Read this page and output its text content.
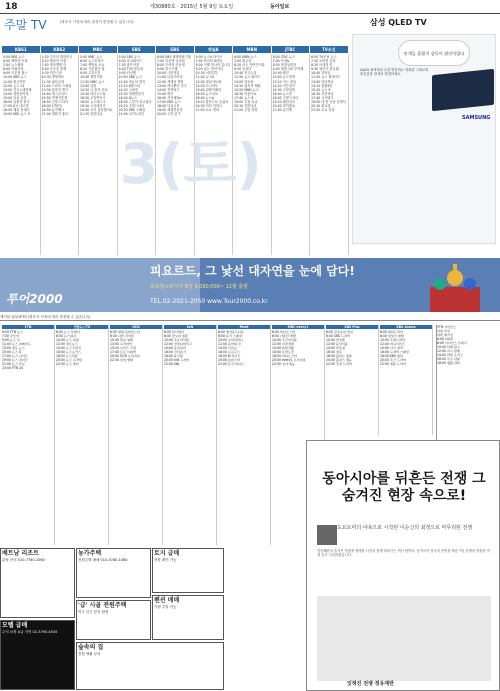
18	제30880호 · 2015년 5월 9일 토요일	동아일보
주말 TV	(방송사 사정에 따라 편성이 변경될 수 있습니다)	삼성 QLED TV
KBS1
5:00 KBS 뉴스
6:00 생방송 아침
7:00 뉴스광장
8:00 아침마당
9:00 이웃집 찰스
10:00 KBS 뉴스
11:00 황금연못
12:00 뉴스 12
13:00 전국노래자랑
14:00 열린음악회
15:00 다큐 공감
16:00 동물의 왕국
17:00 6시 내고향
18:00 해피 선데이
19:00 KBS 뉴스 9
KBS2
5:30 굿모닝 대한민국
6:10 세상의 아침
7:50 영상앨범 산
8:40 굿모닝 경제
9:30 인간극장
10:30 생생정보
11:30 VJ특공대
12:40 드라마 스페셜
13:30 불후의 명곡
14:40 개그콘서트
15:50 연예가중계
16:50 주말 드라마
18:00 1박2일
19:50 뮤직뱅크
21:00 영화가 좋다
MBC
5:00 MBC 뉴스
6:00 뉴스투데이
7:00 생방송 오늘
8:20 기분좋은 날
9:50 무한도전
10:40 복면가왕
11:50 MBC 뉴스
13:00 일밤
14:20 나 혼자 산다
15:40 라디오스타
16:50 주말연속극
18:00 뉴스데스크
19:10 시사매거진
20:00 우리 결혼했어요
21:30 휴먼다큐
SBS
5:00 SBS 뉴스
6:00 모닝와이드
7:30 좋은아침
8:40 TV동물농장
9:50 런닝맨
10:50 SBS 뉴스
12:00 정글의 법칙
13:10 K팝스타
14:20 스타킹
15:30 영재발굴단
16:40 8뉴스
18:00 그것이 알고싶다
19:10 주말드라마
20:30 SBS 스페셜
21:40 나이트라인
EBS
6:00 EBS 세계테마기행
7:00 딩동댕 유치원
8:00 모여라 딩동댕
9:00 한국기행
10:00 극한직업
11:00 다큐프라임
12:00 세계의 명화
13:00 하나뿐인 지구
14:00 건축탐구
15:00 명의
16:00 지식채널e
17:00 EBS 뉴스
18:00 다큐시선
19:00 세계견문록
20:00 고전 읽기
채널A
6:00 뉴스A 라이브
7:00 먹거리 X파일
8:00 이제 만나러 갑니다
9:20 나는 몸신이다
10:30 서민갑부
11:40 뉴스A
13:00 잘살아보세
14:20 도시어부
15:40 관찰카메라
16:50 뉴스특보
18:00 뉴스A
19:10 풍문으로 들었쇼
20:30 닥터 지바고
21:40 토요 영화
MBN
6:00 MBN 뉴스
7:00 황금알
8:20 나는 자연인이다
9:30 동치미
10:40 천기누설
11:50 뉴스 와이드
13:00 알토란
14:10 엄지의 제왕
15:20 MBN 뉴스
16:30 속풀이쇼
17:40 뉴스 8
19:00 특집 다큐
20:10 휴먼다큐
21:20 주말 영화
JTBC
6:00 JTBC 뉴스
7:00 아침&
8:30 비정상회담
9:40 냉장고를 부탁해
10:50 썰전
12:00 뉴스현장
13:10 아는 형님
14:20 히든싱어
15:30 크라임씬
16:40 뉴스룸
18:00 주말드라마
19:20 팬텀싱어
20:40 한끼줍쇼
21:50 슈가맨
TV조선
6:00 TV조선 뉴스
7:10 모란봉 클럽
8:20 아내의 맛
9:30 엄마가 뭐길래
10:40 강적들
11:50 뉴스 퍼레이드
13:00 남남북녀
14:10 살림9단
15:20 뉴스 9
16:30 사건파일
17:40 시사탱크
19:00 내 몸 사용 설명서
20:10 화요일
21:20 토요 특집
3(토)
관객들 몰렸지 감독이 위인이었다
QLED 광색역과 무한 명암비로 영화관 그대로의 몰입감을 집에서 경험하세요.
SAMSUNG
투어2000
피요르드, 그 낯선 대자연을 눈에 담다!
북유럽+러시아 8일 3,090,000~ 12월 출발
TEL.02-2021-2050 www.Tour2000.co.kr
케이블·위성·IPTV (방송사 사정에 따라 변경될 수 있습니다)
YTN
6:00 YTN 뉴스
7:00 굿모닝
9:00 뉴스 인
11:00 뉴스 퍼레이드
13:00 정오 뉴스
15:00 뉴스 Q
17:00 뉴스 나이트
19:00 뉴스 라이브
21:00 뉴스 특보
23:00 YTN 24
연합뉴스TV
6:00 뉴스 투데이
8:00 뉴스워치
10:00 뉴스 현장
12:00 정오뉴스
14:00 뉴스 1번지
16:00 뉴스포커스
18:00 뉴스리뷰
20:00 뉴스 프라임
22:00 뉴스 센터
OCN
6:00 영화 블록버스터
8:30 나쁜 녀석들
10:40 특선 영화
13:00 프리미어
15:20 시리즈 극장
17:40 토요 시네마
20:00 OCN 오리지널
22:30 심야 영화
tvN
6:00 삼시세끼
8:00 꽃보다 청춘
10:00 수요미식회
12:00 코미디빅리그
14:00 응답하라
16:00 신서유기
18:00 윤식당
20:00 tvN 드라마
22:00 SNL
Mnet
6:00 엠카운트다운
8:00 뮤직 스페셜
10:00 쇼미더머니
12:00 음악의 신
14:00 너목보
16:00 프로듀스
18:00 M 라이브
20:00 슈퍼스타
22:00 뮤직 비디오
MBC every1
6:00 비디오스타
8:00 나혼산 재방
10:00 주간아이돌
12:00 시골경찰
14:00 복면가왕
16:00 무한도전
18:00 라디오스타
20:00 every1 오리지널
22:00 심야 예능
SBS Plus
6:00 강호동의 밥심
8:00 SBS 드라마
10:00 런닝맨
12:00 동상이몽
14:00 미우새
16:00 정글
18:00 불타는 청춘
20:00 플러스 예능
22:00 주말 드라마
KBS drama
6:00 대하드라마
8:00 일일극 재방
10:00 주말드라마
12:00 미니시리즈
14:00 사극 명작
16:00 드라마 스페셜
18:00 KBS 대하
20:00 주간 드라마
22:00 명품 드라마
YTN 사이언스
다큐 특선
과학 매거진
6:00 다큐S
8:00 사이언스 투데이
10:00 미래 탐구
12:00 지구 탐험
14:00 과학 포커스
16:00 우주 다큐
18:00 생활 과학
동아시아를 뒤흔든 전쟁 그 숨겨진 현장 속으로!
도요토미의 야욕으로 시작된 이순신의 최정으로 마무리된 전쟁
임진왜란의 숨겨진 현장을 생생한 사진과 함께 따라가는 역사 탐방서. 동아시아 삼국의 운명을 바꾼 7년 전쟁의 현장을 직접 걷고 기록하였습니다.
잊혀진 전쟁 정유재란
베트남 리조트
분양 문의 010-7780-1060
농가주택
전원주택 매매 010-5780-1060
모텔 급매
수익 보장 A급 지역 02-3790-4545
토지 급매
현장 확인 가능
'급' 시골 전원주택
여주 인근 문의 환영
펜션 매매
가평 주말 가능
숲속의 집
전원 생활 문의
